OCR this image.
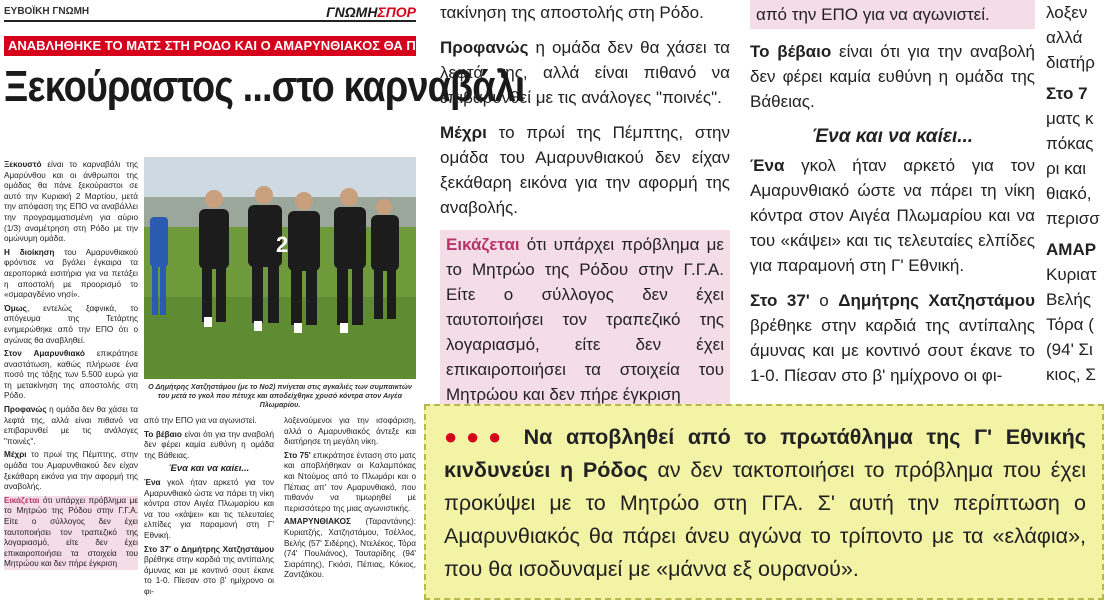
ΕΥΒΟΪΚΗ ΓΝΩΜΗ	ΓΝΩΜΗΣΠΟΡ
ΑΝΑΒΛΗΘΗΚΕ ΤΟ ΜΑΤΣ ΣΤΗ ΡΟΔΟ ΚΑΙ Ο ΑΜΑΡΥΝΘΙΑΚΟΣ ΘΑ ΠΑΕΙ...
Ξεκούραστος ...στο καρναβάλι

Ξεκουστό είναι το καρναβάλι της Αμαρύνθου και οι άνθρωποι της ομάδας θα πάνε ξεκούραστοι σε αυτό την Κυριακή 2 Μαρτίου, μετά την απόφαση της ΕΠΟ να αναβάλλει την προγραμματισμένη για αύριο (1/3) αναμέτρηση στη Ρόδο με την ομώνυμη ομάδα.

Η διοίκηση του Αμαρυνθιακού φρόντισε να βγάλει έγκαιρα τα αεροπορικά εισιτήρια για να πετάξει η αποστολή με προορισμό το «σμαραγδένιο νησί».

Όμως, εντελώς ξαφνικά, το απόγευμα της Τετάρτης ενημερώθηκε από την ΕΠΟ ότι ο αγώνας θα αναβληθεί.

Στον Αμαρυνθιακό επικράτησε αναστάτωση, καθώς πλήρωσε ένα ποσό της τάξης των 5.500 ευρώ για τη μετακίνηση της αποστολής στη Ρόδο.

Προφανώς η ομάδα δεν θα χάσει τα λεφτά της, αλλά είναι πιθανό να επιβαρυνθεί με τις ανάλογες "ποινές".

Μέχρι το πρωί της Πέμπτης, στην ομάδα του Αμαρυνθιακού δεν είχαν ξεκάθαρη εικόνα για την αφορμή της αναβολής.

Εικάζεται ότι υπάρχει πρόβλημα με το Μητρώο της Ρόδου στην Γ.Γ.Α. Είτε ο σύλλογος δεν έχει ταυτοποιήσει τον τραπεζικό της λογαριασμό, είτε δεν έχει επικαιροποιήσει τα στοιχεία του Μητρώου και δεν πήρε έγκριση

2
Ο Δημήτρης Χατζηστάμου (με το Νο2) πνίγεται στις αγκαλιές των συμπαικτών του μετά το γκολ που πέτυχε και αποδείχθηκε χρυσό κόντρα στον Αιγέα Πλωμαρίου.

από την ΕΠΟ για να αγωνιστεί.

Το βέβαιο είναι ότι για την αναβολή δεν φέρει καμία ευθύνη η ομάδα της Βάθειας.

Ένα και να καίει...

Ένα γκολ ήταν αρκετό για τον Αμαρυνθιακό ώστε να πάρει τη νίκη κόντρα στον Αιγέα Πλωμαρίου και να του «κάψει» και τις τελευταίες ελπίδες για παραμονή στη Γ' Εθνική.

Στο 37' ο Δημήτρης Χατζηστάμου βρέθηκε στην καρδιά της αντίπαλης άμυνας και με κοντινό σουτ έκανε το 1-0. Πίεσαν στο β' ημίχρονο οι φι-

λοξενούμενοι για την ισοφάριση, αλλά ο Αμαρυνθιακός άντεξε και διατήρησε τη μεγάλη νίκη.

Στο 75' επικράτησε ένταση στο ματς και αποβλήθηκαν οι Καλαμπόκας και Ντούμος από το Πλωμάρι και ο Πέπιας απ' τον Αμαρυνθιακό, που πιθανόν να τιμωρηθεί με περισσότερο της μιας αγωνιστικής.

ΑΜΑΡΥΝΘΙΑΚΟΣ (Ταραντάνης): Κυριατζής, Χατζηστάμου, Τσέλλος, Βελής (57' Σιδέρης), Ντελέκος, Τόρα (74' Πουλιάνος), Ταυταρίδης (94' Σιαράπης), Γκιόσι, Πέπιας, Κόκιος, Ζαντζάκου.

τακίνηση της αποστολής στη Ρόδο.

Προφανώς η ομάδα δεν θα χάσει τα λεφτά της, αλλά είναι πιθανό να επιβαρυνθεί με τις ανάλογες "ποινές".

Μέχρι το πρωί της Πέμπτης, στην ομάδα του Αμαρυνθιακού δεν είχαν ξεκάθαρη εικόνα για την αφορμή της αναβολής.

Εικάζεται ότι υπάρχει πρόβλημα με το Μητρώο της Ρόδου στην Γ.Γ.Α. Είτε ο σύλλογος δεν έχει ταυτοποιήσει τον τραπεζικό της λογαριασμό, είτε δεν έχει επικαιροποιήσει τα στοιχεία του Μητρώου και δεν πήρε έγκριση

από την ΕΠΟ για να αγωνιστεί.

Το βέβαιο είναι ότι για την αναβολή δεν φέρει καμία ευθύνη η ομάδα της Βάθειας.

Ένα και να καίει...

Ένα γκολ ήταν αρκετό για τον Αμαρυνθιακό ώστε να πάρει τη νίκη κόντρα στον Αιγέα Πλωμαρίου και να του «κάψει» και τις τελευταίες ελπίδες για παραμονή στη Γ' Εθνική.

Στο 37' ο Δημήτρης Χατζηστάμου βρέθηκε στην καρδιά της αντίπαλης άμυνας και με κοντινό σουτ έκανε το 1-0. Πίεσαν στο β' ημίχρονο οι φι-

λοξεν
αλλά
διατήρ
Στο 7
ματς κ
πόκας
ρι και
θιακό,
περισσ
ΑΜΑΡ
Κυριατ
Βελής
Τόρα (
(94' Σι
κιος, Σ
●●● Να αποβληθεί από το πρωτάθλημα της Γ' Εθνικής κινδυνεύει η Ρόδος αν δεν τακτοποιήσει το πρόβλημα που έχει προκύψει με το Μητρώο στη ΓΓΑ. Σ' αυτή την περίπτωση ο Αμαρυνθιακός θα πάρει άνευ αγώνα το τρίποντο με τα «ελάφια», που θα ισοδυναμεί με «μάννα εξ ουρανού».
